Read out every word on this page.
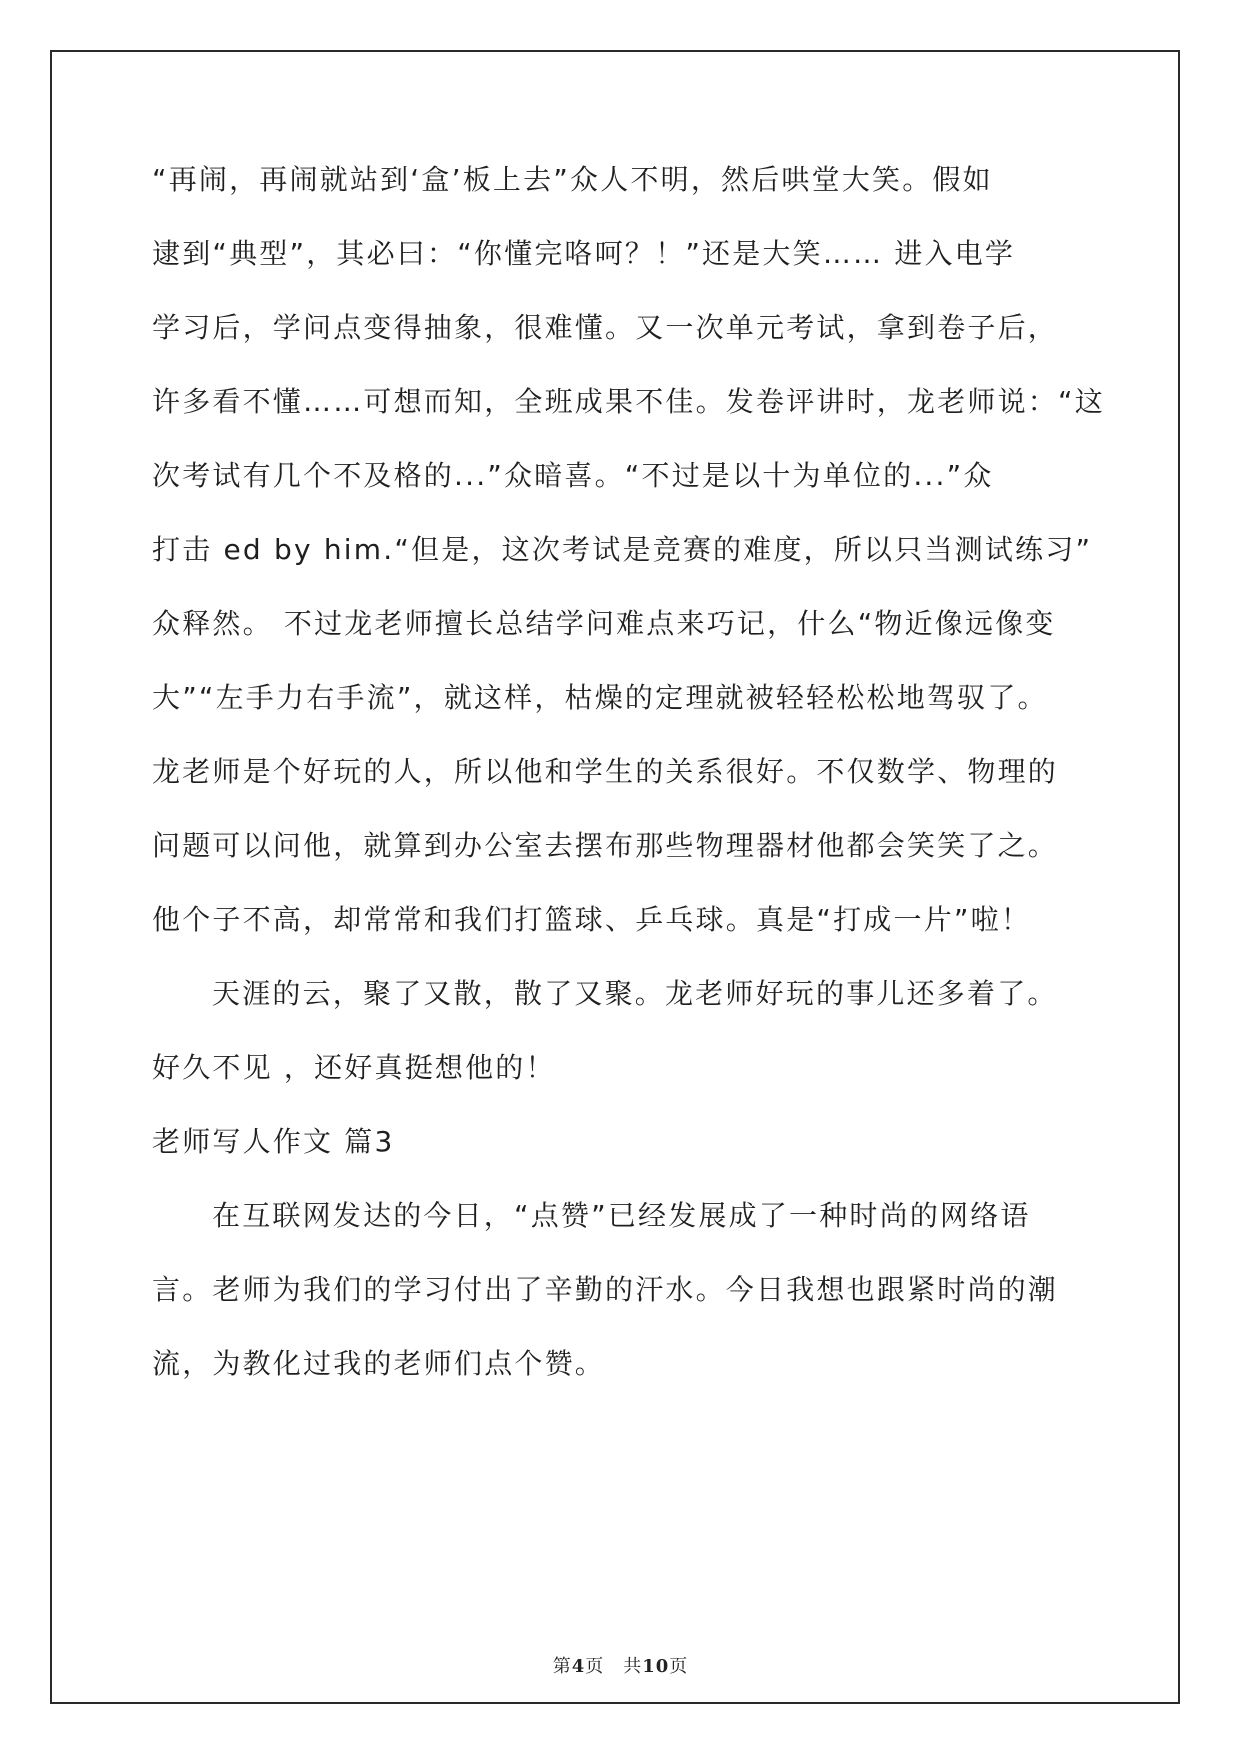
“再闹，再闹就站到‘盒’板上去”众人不明，然后哄堂大笑。假如
逮到“典型”，其必曰：“你懂完咯呵？！”还是大笑…… 进入电学
学习后，学问点变得抽象，很难懂。又一次单元考试，拿到卷子后，
许多看不懂……可想而知，全班成果不佳。发卷评讲时，龙老师说：“这
次考试有几个不及格的...”众暗喜。“不过是以十为单位的...”众
打击 ed by him.“但是，这次考试是竞赛的难度，所以只当测试练习”
众释然。 不过龙老师擅长总结学问难点来巧记，什么“物近像远像变
大”“左手力右手流”，就这样，枯燥的定理就被轻轻松松地驾驭了。
龙老师是个好玩的人，所以他和学生的关系很好。不仅数学、物理的
问题可以问他，就算到办公室去摆布那些物理器材他都会笑笑了之。
他个子不高，却常常和我们打篮球、乒乓球。真是“打成一片”啦！
天涯的云，聚了又散，散了又聚。龙老师好玩的事儿还多着了。
好久不见 ，还好真挺想他的！
老师写人作文 篇3
在互联网发达的今日，“点赞”已经发展成了一种时尚的网络语
言。老师为我们的学习付出了辛勤的汗水。今日我想也跟紧时尚的潮
流，为教化过我的老师们点个赞。
第4页　共10页
